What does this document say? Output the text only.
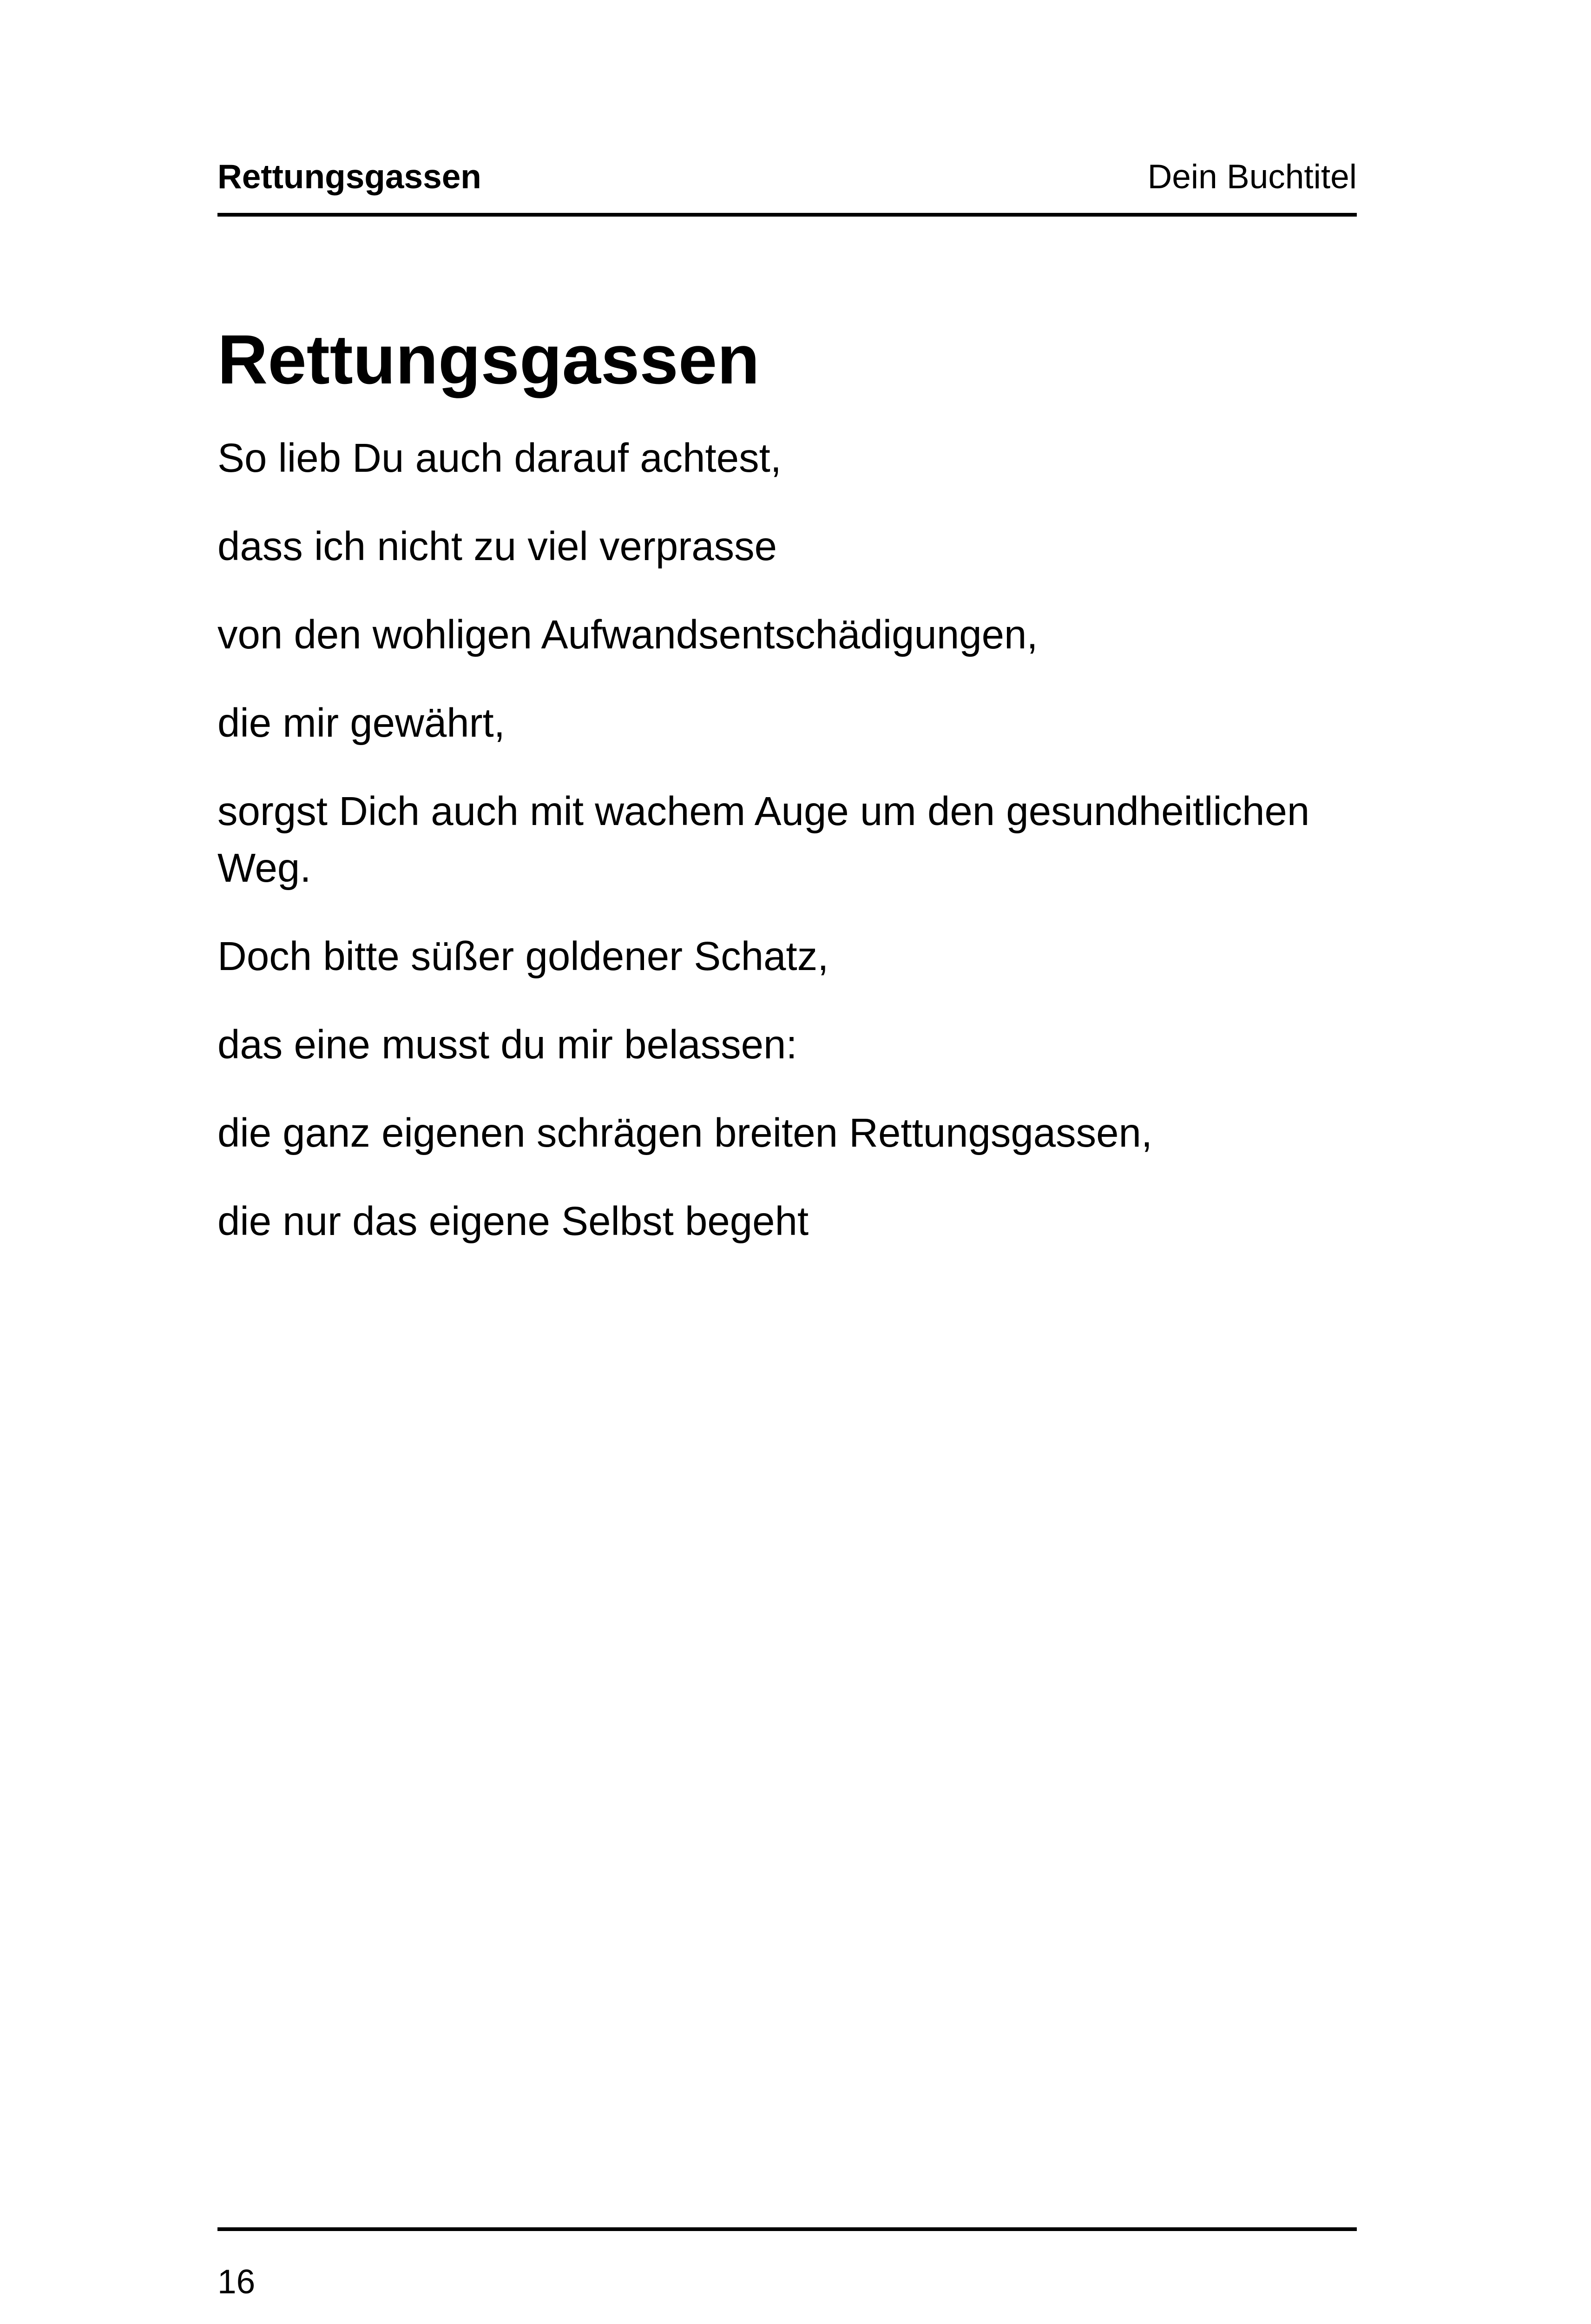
Rettungsgassen	Dein Buchtitel
Rettungsgassen
So lieb Du auch darauf achtest,
dass ich nicht zu viel verprasse
von den wohligen Aufwandsentschädigungen,
die mir gewährt,
sorgst Dich auch mit wachem Auge um den gesundheitlichen Weg.
Doch bitte süßer goldener Schatz,
das eine musst du mir belassen:
die ganz eigenen schrägen breiten Rettungsgassen,
die nur das eigene Selbst begeht
16
